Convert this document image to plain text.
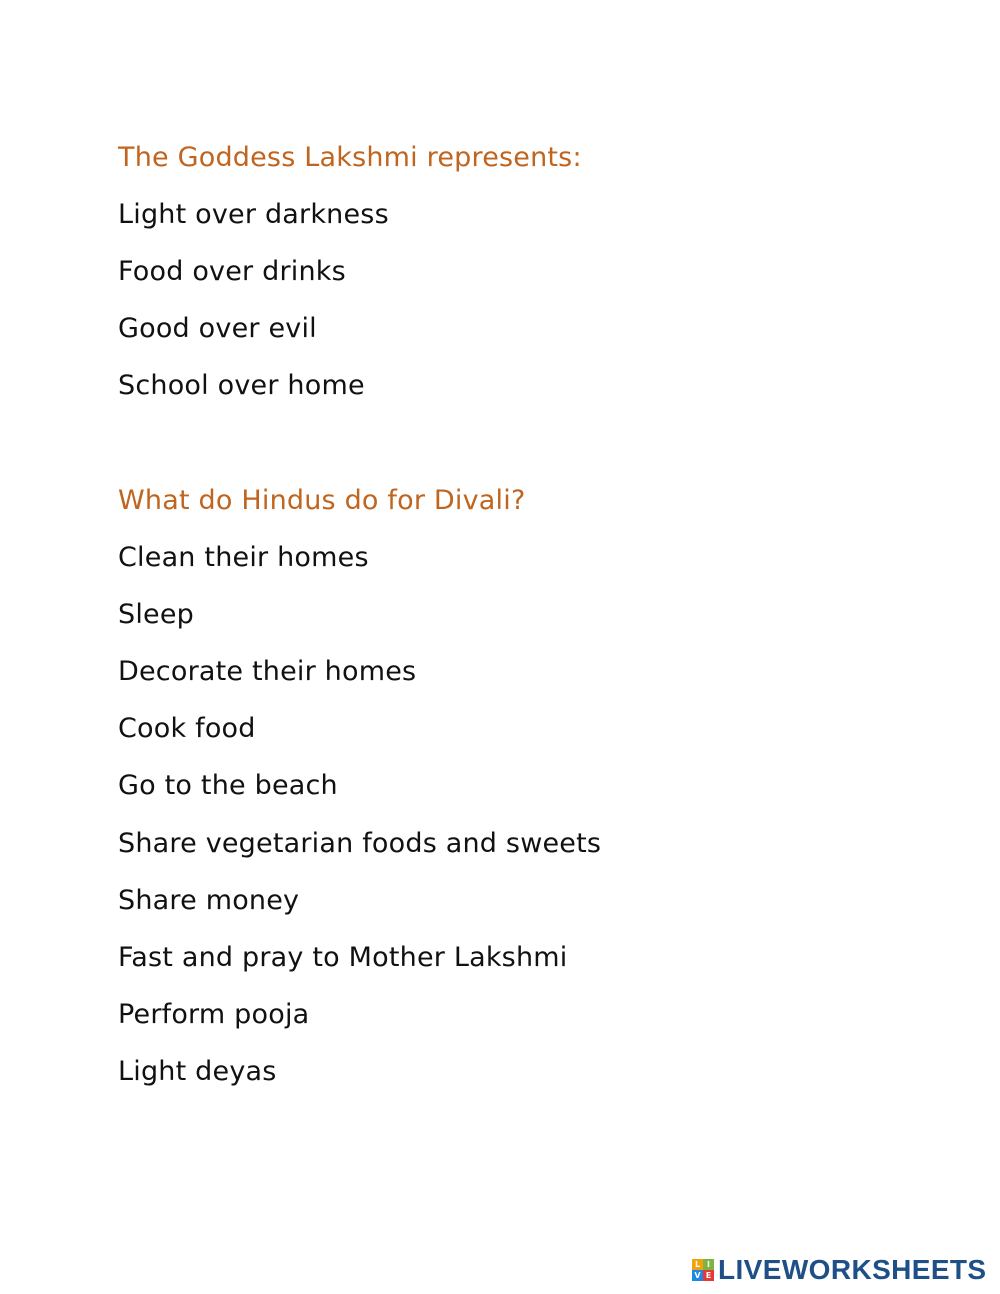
The Goddess Lakshmi represents:
Light over darkness
Food over drinks
Good over evil
School over home
What do Hindus do for Divali?
Clean their homes
Sleep
Decorate their homes
Cook food
Go to the beach
Share vegetarian foods and sweets
Share money
Fast and pray to Mother Lakshmi
Perform pooja
Light deyas
L I
V E LIVEWORKSHEETS
